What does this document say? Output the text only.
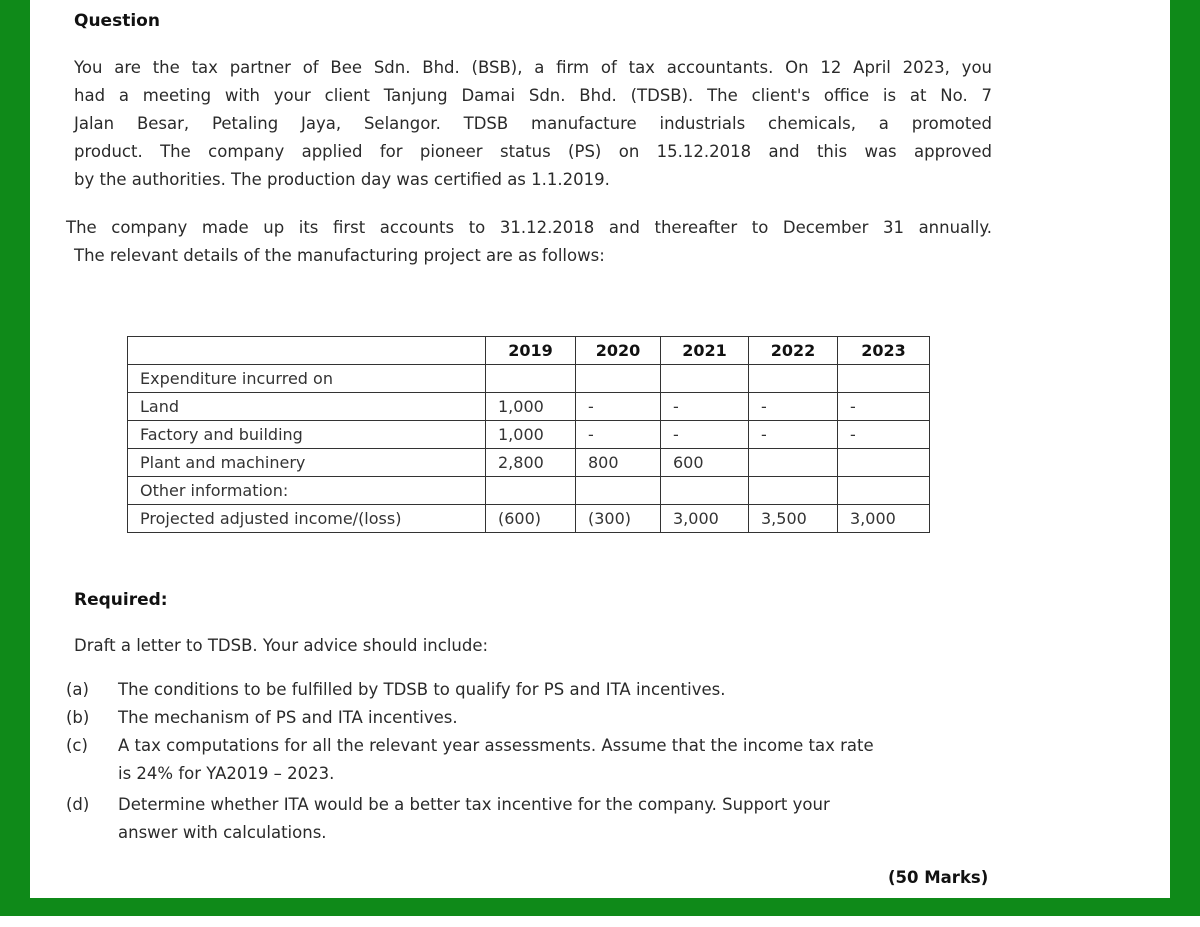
Question
You are the tax partner of Bee Sdn. Bhd. (BSB), a firm of tax accountants. On 12 April 2023, you
had a meeting with your client Tanjung Damai Sdn. Bhd. (TDSB). The client's office is at No. 7
Jalan Besar, Petaling Jaya, Selangor. TDSB manufacture industrials chemicals, a promoted
product. The company applied for pioneer status (PS) on 15.12.2018 and this was approved
by the authorities. The production day was certified as 1.1.2019.
The company made up its first accounts to 31.12.2018 and thereafter to December 31 annually.
The relevant details of the manufacturing project are as follows:
	2019	2020	2021	2022	2023
Expenditure incurred on					
Land	1,000	-	-	-	-
Factory and building	1,000	-	-	-	-
Plant and machinery	2,800	800	600		
Other information:					
Projected adjusted income/(loss)	(600)	(300)	3,000	3,500	3,000
Required:
Draft a letter to TDSB. Your advice should include:
(a) The conditions to be fulfilled by TDSB to qualify for PS and ITA incentives.
(b) The mechanism of PS and ITA incentives.
(c) A tax computations for all the relevant year assessments. Assume that the income tax rate
is 24% for YA2019 – 2023.
(d) Determine whether ITA would be a better tax incentive for the company. Support your
answer with calculations.
(50 Marks)
